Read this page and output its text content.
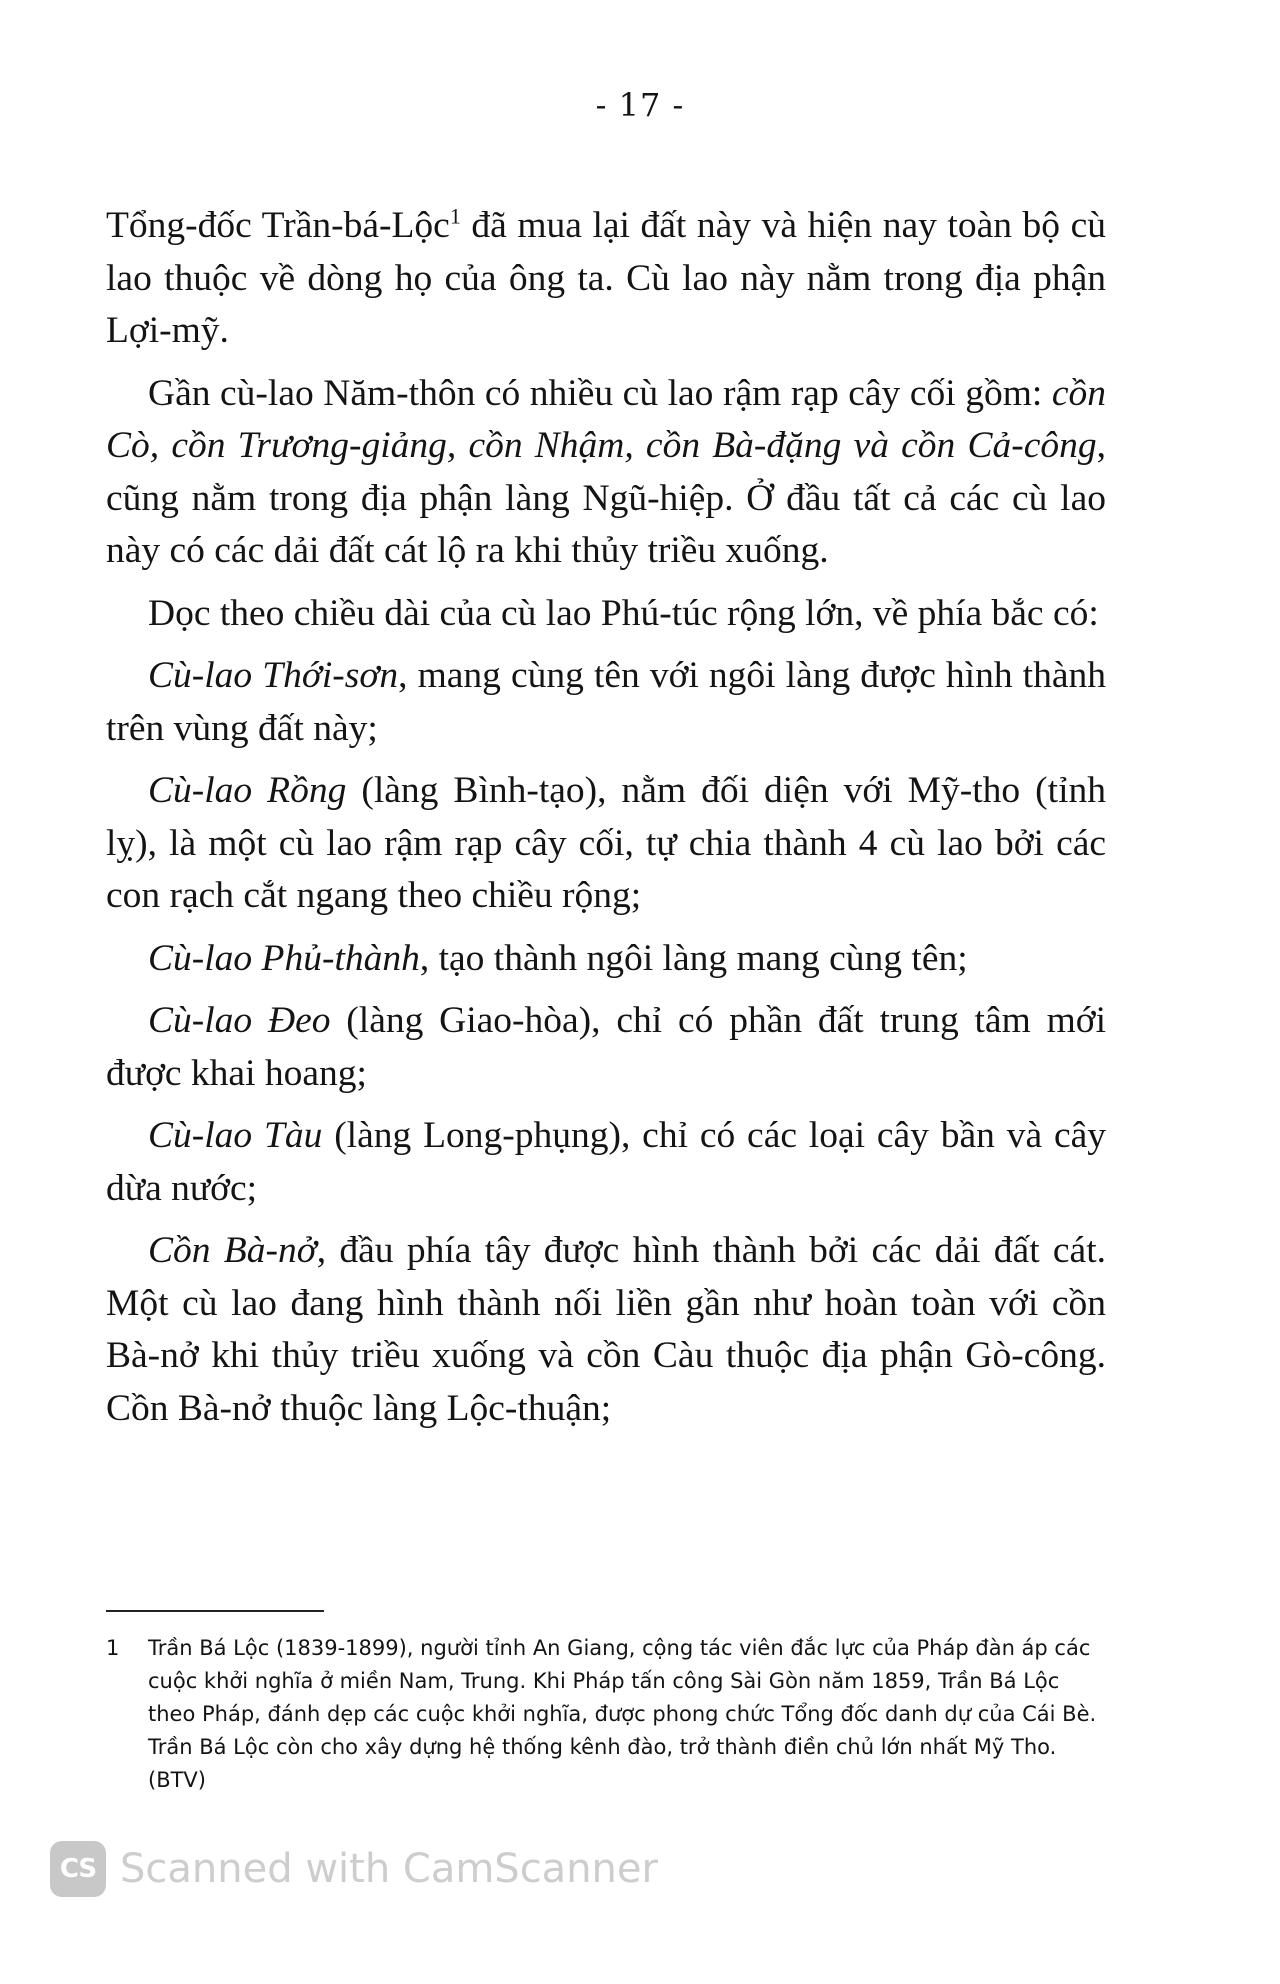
- 17 -

Tổng-đốc Trần-bá-Lộc$^1$ đã mua lại đất này và hiện nay toàn bộ cù lao thuộc về dòng họ của ông ta. Cù lao này nằm trong địa phận Lợi-mỹ.

Gần cù-lao Năm-thôn có nhiều cù lao rậm rạp cây cối gồm: cồn Cò, cồn Trương-giảng, cồn Nhậm, cồn Bà-đặng và cồn Cả-công, cũng nằm trong địa phận làng Ngũ-hiệp. Ở đầu tất cả các cù lao này có các dải đất cát lộ ra khi thủy triều xuống.

Dọc theo chiều dài của cù lao Phú-túc rộng lớn, về phía bắc có:

Cù-lao Thới-sơn, mang cùng tên với ngôi làng được hình thành trên vùng đất này;

Cù-lao Rồng (làng Bình-tạo), nằm đối diện với Mỹ-tho (tỉnh lỵ), là một cù lao rậm rạp cây cối, tự chia thành 4 cù lao bởi các con rạch cắt ngang theo chiều rộng;

Cù-lao Phủ-thành, tạo thành ngôi làng mang cùng tên;

Cù-lao Đeo (làng Giao-hòa), chỉ có phần đất trung tâm mới được khai hoang;

Cù-lao Tàu (làng Long-phụng), chỉ có các loại cây bần và cây dừa nước;

Cồn Bà-nở, đầu phía tây được hình thành bởi các dải đất cát. Một cù lao đang hình thành nối liền gần như hoàn toàn với cồn Bà-nở khi thủy triều xuống và cồn Càu thuộc địa phận Gò-công. Cồn Bà-nở thuộc làng Lộc-thuận;

1 Trần Bá Lộc (1839-1899), người tỉnh An Giang, cộng tác viên đắc lực của Pháp đàn áp các cuộc khởi nghĩa ở miền Nam, Trung. Khi Pháp tấn công Sài Gòn năm 1859, Trần Bá Lộc theo Pháp, đánh dẹp các cuộc khởi nghĩa, được phong chức Tổng đốc danh dự của Cái Bè. Trần Bá Lộc còn cho xây dựng hệ thống kênh đào, trở thành điền chủ lớn nhất Mỹ Tho. (BTV)
CS Scanned with CamScanner
